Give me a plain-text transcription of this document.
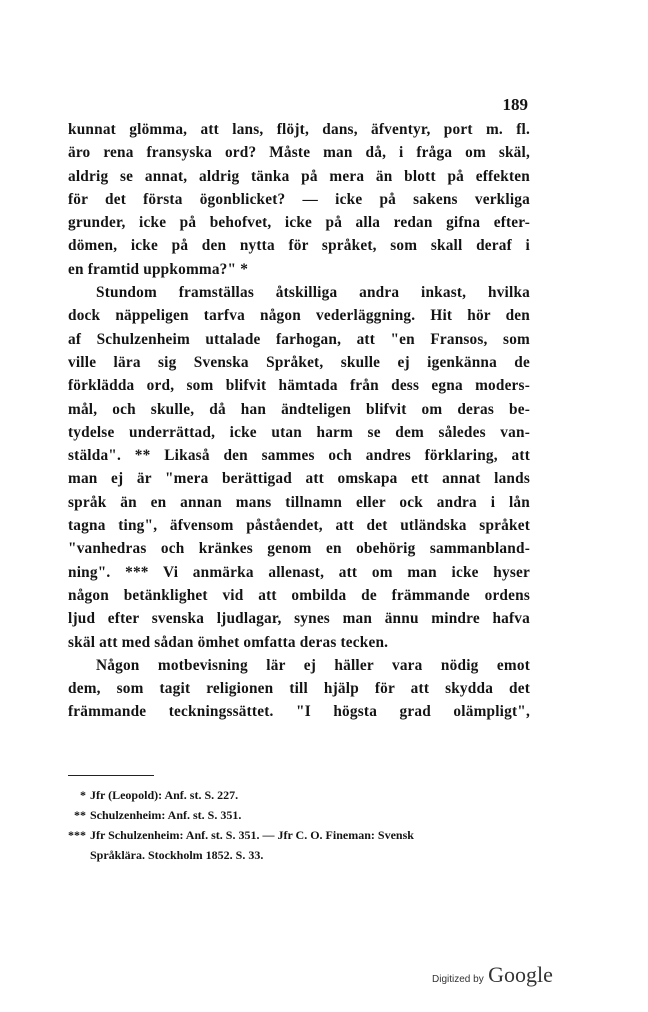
189
kunnat glömma, att lans, flöjt, dans, äfventyr, port m. fl.
äro rena fransyska ord? Måste man då, i fråga om skäl,
aldrig se annat, aldrig tänka på mera än blott på effekten
för det första ögonblicket? — icke på sakens verkliga
grunder, icke på behofvet, icke på alla redan gifna efter-
dömen, icke på den nytta för språket, som skall deraf i
en framtid uppkomma?" *
Stundom framställas åtskilliga andra inkast, hvilka
dock näppeligen tarfva någon vederläggning. Hit hör den
af Schulzenheim uttalade farhogan, att "en Fransos, som
ville lära sig Svenska Språket, skulle ej igenkänna de
förklädda ord, som blifvit hämtada från dess egna moders-
mål, och skulle, då han ändteligen blifvit om deras be-
tydelse underrättad, icke utan harm se dem således van-
stälda". ** Likaså den sammes och andres förklaring, att
man ej är "mera berättigad att omskapa ett annat lands
språk än en annan mans tillnamn eller ock andra i lån
tagna ting", äfvensom påståendet, att det utländska språket
"vanhedras och kränkes genom en obehörig sammanbland-
ning". *** Vi anmärka allenast, att om man icke hyser
någon betänklighet vid att ombilda de främmande ordens
ljud efter svenska ljudlagar, synes man ännu mindre hafva
skäl att med sådan ömhet omfatta deras tecken.
Någon motbevisning lär ej häller vara nödig emot
dem, som tagit religionen till hjälp för att skydda det
främmande teckningssättet. "I högsta grad olämpligt",
* Jfr (Leopold): Anf. st. S. 227.
** Schulzenheim: Anf. st. S. 351.
*** Jfr Schulzenheim: Anf. st. S. 351. — Jfr C. O. Fineman: Svensk
Språklära. Stockholm 1852. S. 33.
Digitized by Google
